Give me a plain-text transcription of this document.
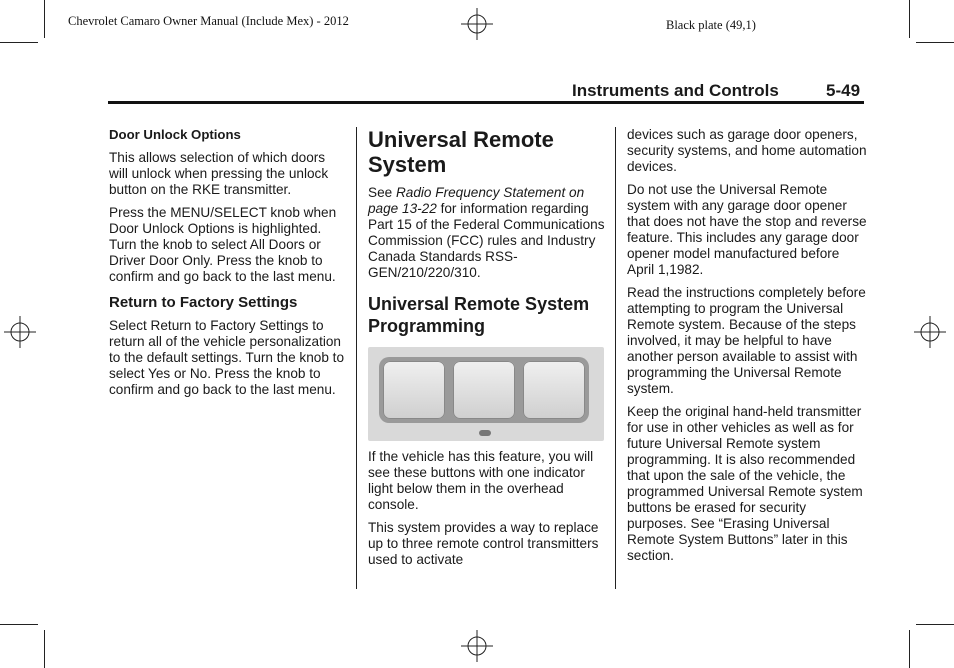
Chevrolet Camaro Owner Manual (Include Mex) - 2012	Black plate (49,1)
Instruments and Controls	5-49
Door Unlock Options

This allows selection of which doors will unlock when pressing the unlock button on the RKE transmitter.

Press the MENU/SELECT knob when Door Unlock Options is highlighted. Turn the knob to select All Doors or Driver Door Only. Press the knob to confirm and go back to the last menu.

Return to Factory Settings

Select Return to Factory Settings to return all of the vehicle personalization to the default settings. Turn the knob to select Yes or No. Press the knob to confirm and go back to the last menu.

Universal Remote System

See Radio Frequency Statement on page 13-22 for information regarding Part 15 of the Federal Communications Commission (FCC) rules and Industry Canada Standards RSS-GEN/210/220/310.

Universal Remote System Programming

If the vehicle has this feature, you will see these buttons with one indicator light below them in the overhead console.

This system provides a way to replace up to three remote control transmitters used to activate

devices such as garage door openers, security systems, and home automation devices.

Do not use the Universal Remote system with any garage door opener that does not have the stop and reverse feature. This includes any garage door opener model manufactured before April 1,1982.

Read the instructions completely before attempting to program the Universal Remote system. Because of the steps involved, it may be helpful to have another person available to assist with programming the Universal Remote system.

Keep the original hand-held transmitter for use in other vehicles as well as for future Universal Remote system programming. It is also recommended that upon the sale of the vehicle, the programmed Universal Remote system buttons be erased for security purposes. See “Erasing Universal Remote System Buttons” later in this section.
